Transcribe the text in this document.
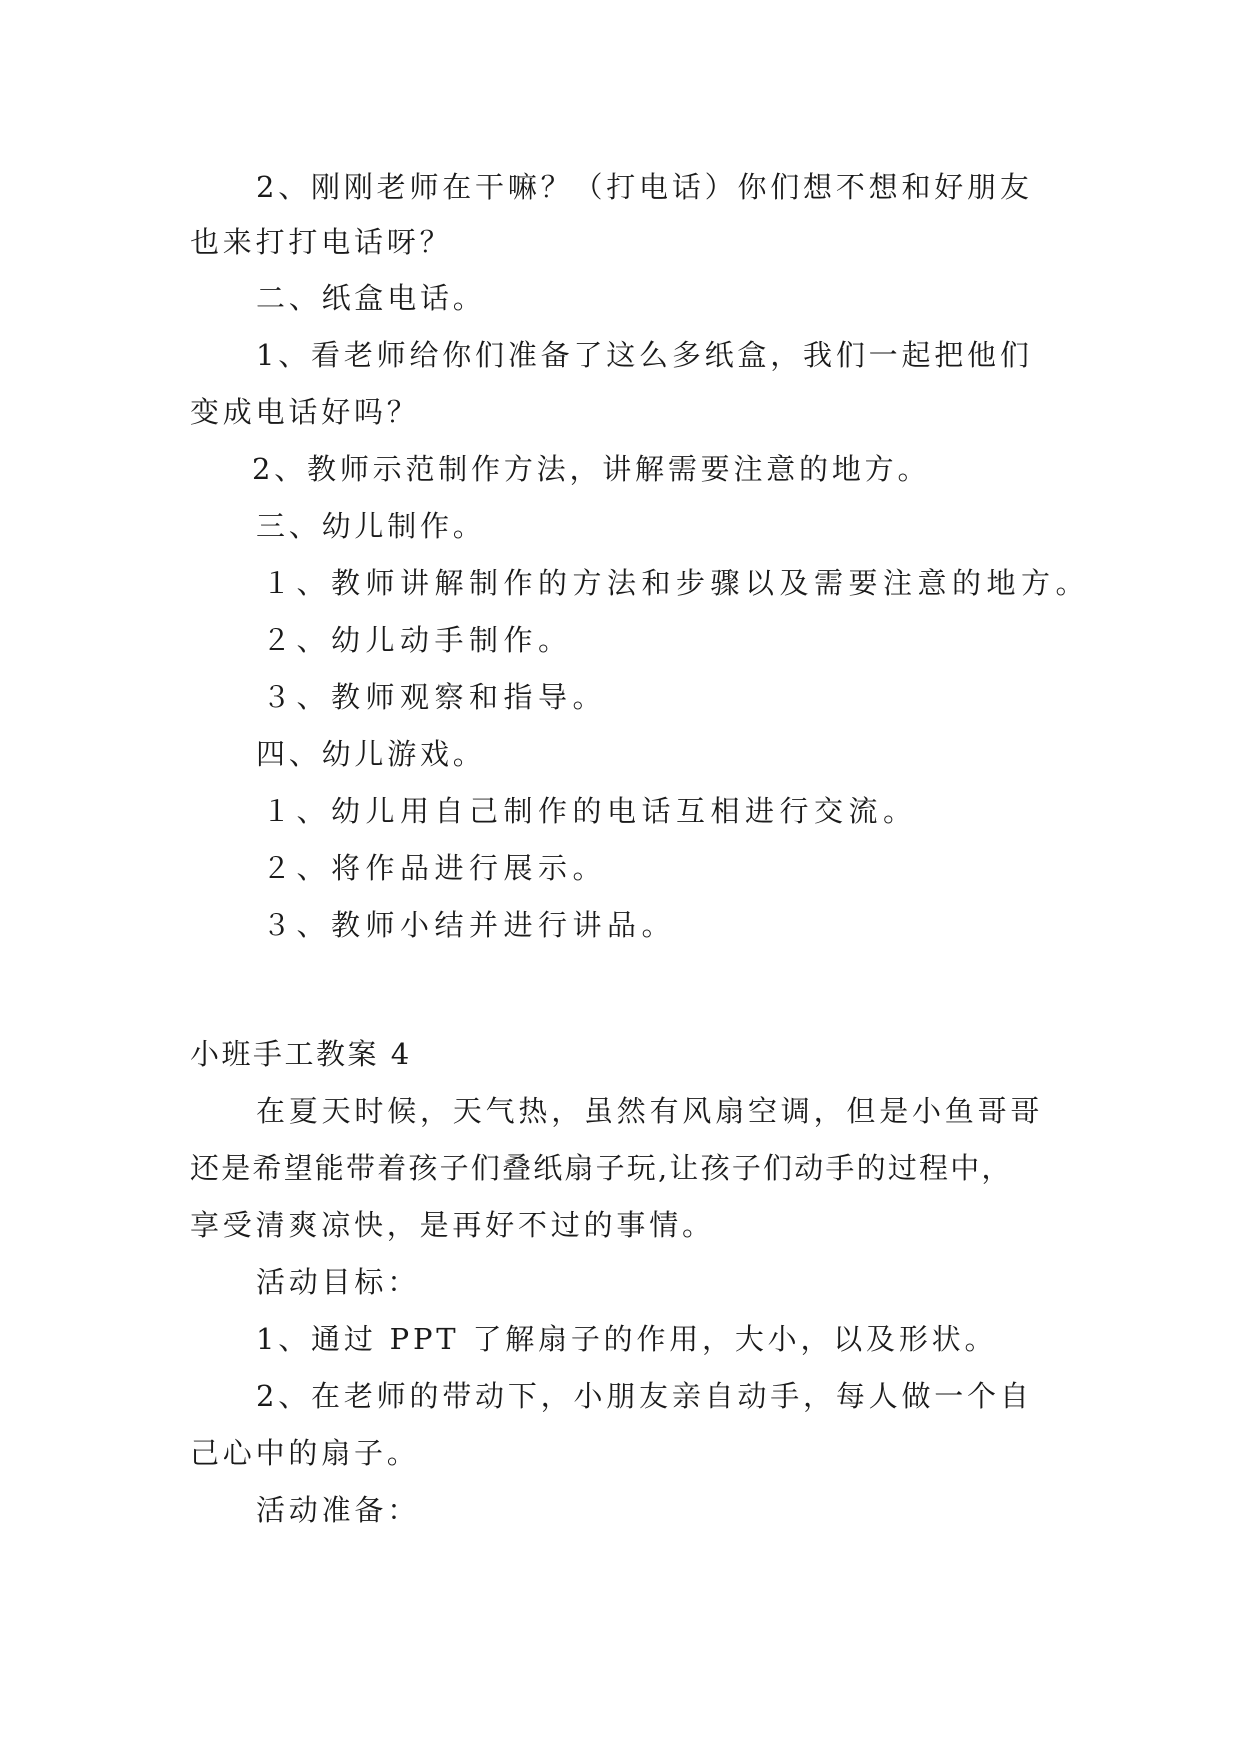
2、刚刚老师在干嘛？（打电话）你们想不想和好朋友
也来打打电话呀？
二、纸盒电话。
1、看老师给你们准备了这么多纸盒，我们一起把他们
变成电话好吗？
2、教师示范制作方法，讲解需要注意的地方。
三、幼儿制作。
１、教师讲解制作的方法和步骤以及需要注意的地方。
２、幼儿动手制作。
３、教师观察和指导。
四、幼儿游戏。
１、幼儿用自己制作的电话互相进行交流。
２、将作品进行展示。
３、教师小结并进行讲品。
小班手工教案 4
在夏天时候，天气热，虽然有风扇空调，但是小鱼哥哥
还是希望能带着孩子们叠纸扇子玩,让孩子们动手的过程中，
享受清爽凉快，是再好不过的事情。
活动目标：
1、通过 PPT 了解扇子的作用，大小，以及形状。
2、在老师的带动下，小朋友亲自动手，每人做一个自
己心中的扇子。
活动准备：
